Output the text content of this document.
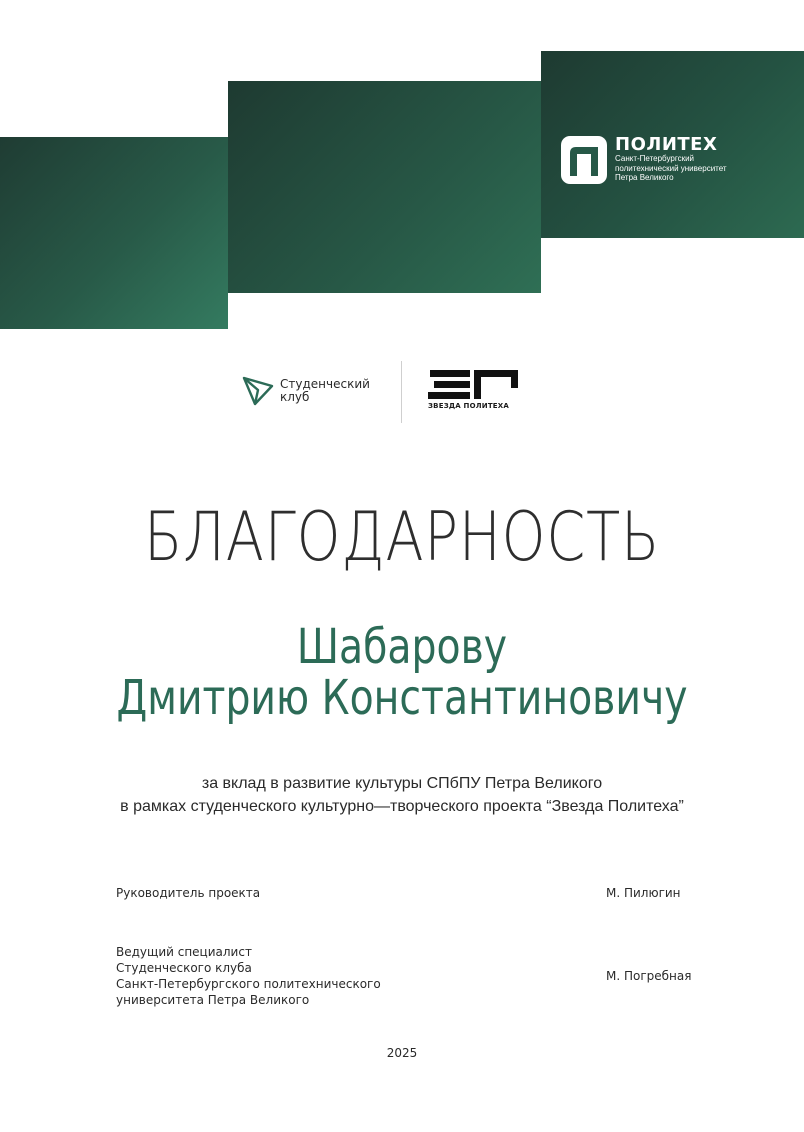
ПОЛИТЕХ
Санкт-Петербургский
политехнический университет
Петра Великого
Студенческий
клуб
ЗВЕЗДА ПОЛИТЕХА
БЛАГОДАРНОСТЬ
Шабарову
Дмитрию Константиновичу
за вклад в развитие культуры СПбПУ Петра Великого
в рамках студенческого культурно—творческого проекта “Звезда Политеха”
Руководитель проекта	М. Пилюгин
Ведущий специалист
Студенческого клуба
Санкт-Петербургского политехнического
университета Петра Великого
М. Погребная
2025
